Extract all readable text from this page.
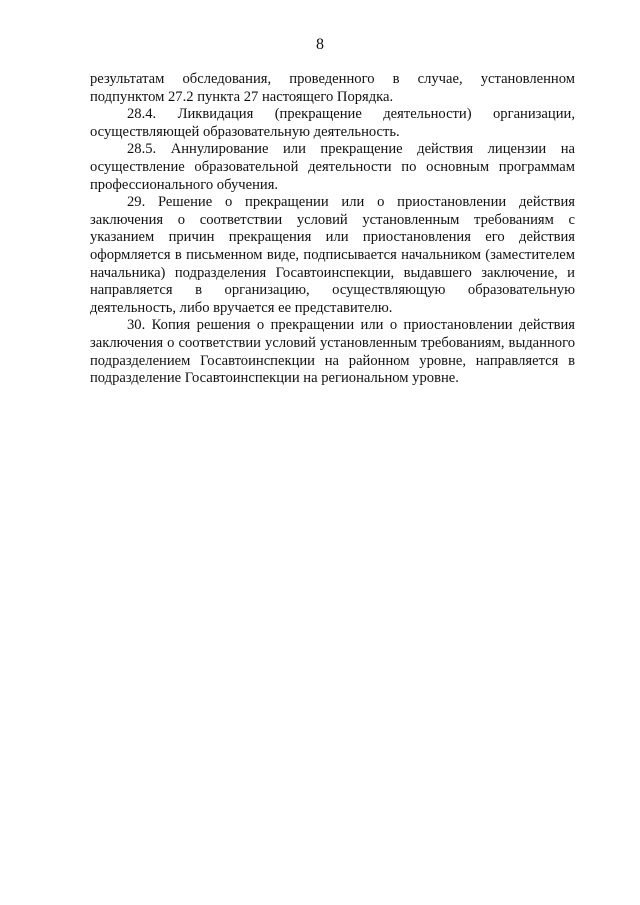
8

результатам обследования, проведенного в случае, установленном подпунктом 27.2 пункта 27 настоящего Порядка.

28.4. Ликвидация (прекращение деятельности) организации, осуществляющей образовательную деятельность.

28.5. Аннулирование или прекращение действия лицензии на осуществление образовательной деятельности по основным программам профессионального обучения.

29. Решение о прекращении или о приостановлении действия заключения о соответствии условий установленным требованиям с указанием причин прекращения или приостановления его действия оформляется в письменном виде, подписывается начальником (заместителем начальника) подразделения Госавтоинспекции, выдавшего заключение, и направляется в организацию, осуществляющую образовательную деятельность, либо вручается ее представителю.

30. Копия решения о прекращении или о приостановлении действия заключения о соответствии условий установленным требованиям, выданного подразделением Госавтоинспекции на районном уровне, направляется в подразделение Госавтоинспекции на региональном уровне.
